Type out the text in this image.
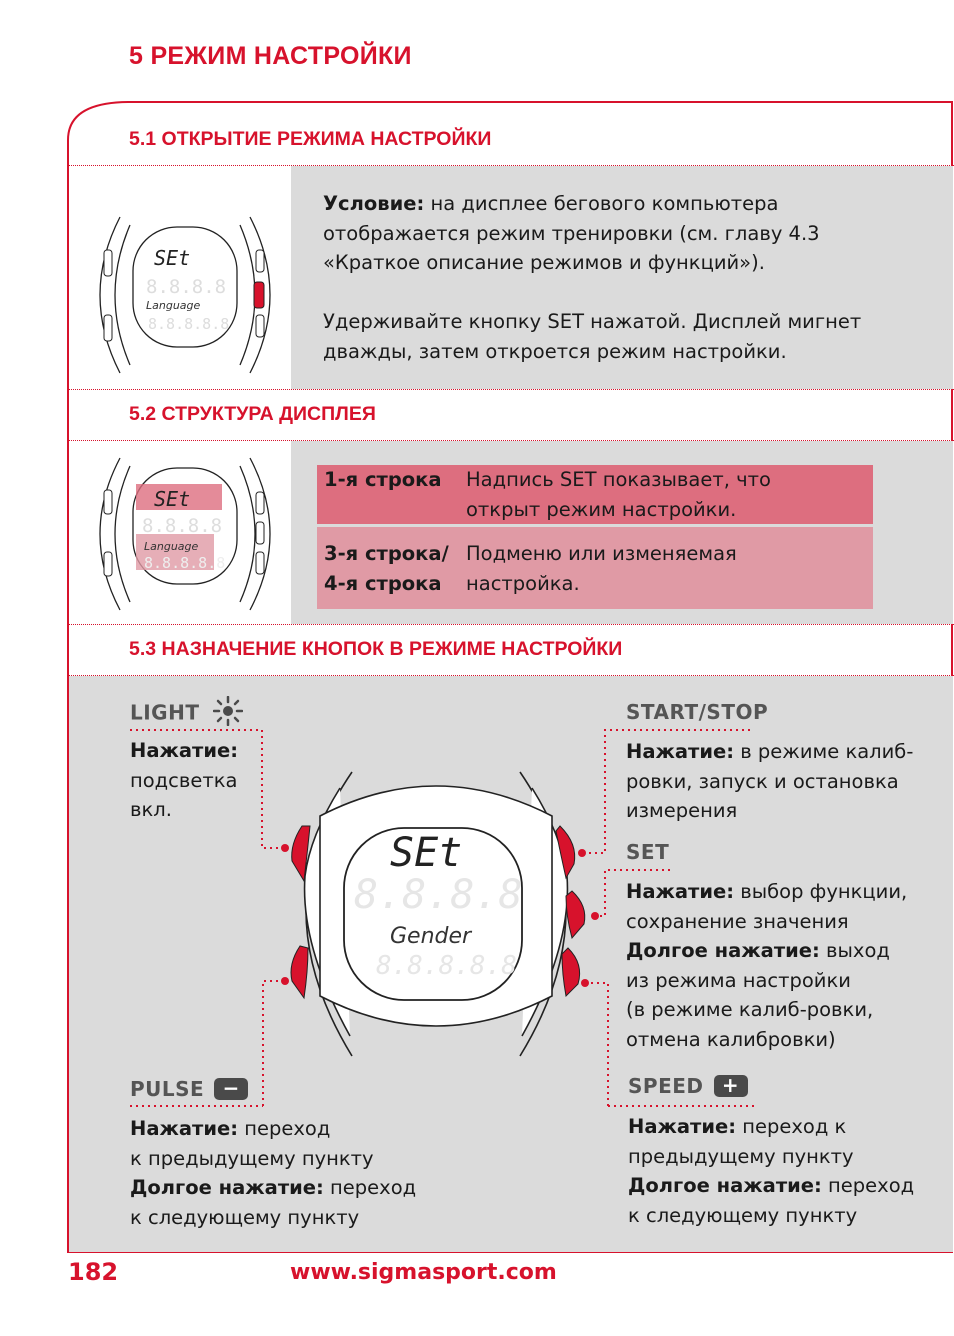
5 РЕЖИМ НАСТРОЙКИ
5.1 ОТКРЫТИЕ РЕЖИМА НАСТРОЙКИ
SEt
8.8.8.8
Language
8.8.8.8.8
Условие: на дисплее бегового компьютера
отображается режим тренировки (см. главу 4.3
«Краткое описание режимов и функций»).
Удерживайте кнопку SET нажатой. Дисплей мигнет
дважды, затем откроется режим настройки.
5.2 СТРУКТУРА ДИСПЛЕЯ
SEt
8.8.8.8
Language
8.8.8.8.8
1-я строка Надпись SET показывает, что
открыт режим настройки.
3-я строка/
4-я строка
Подменю или изменяемая
настройка.
5.3 НАЗНАЧЕНИЕ КНОПОК В РЕЖИМЕ НАСТРОЙКИ
SEt
8.8.8.8
Gender
8.8.8.8.8
LIGHT
Нажатие:
подсветка
вкл.
START/STOP
Нажатие: в режиме калиб-
ровки, запуск и остановка
измерения
SET
Нажатие: выбор функции,
сохранение значения
Долгое нажатие: выход
из режима настройки
(в режиме калиб-ровки,
отмена калибровки)
PULSE −
Нажатие: переход
к предыдущему пункту
Долгое нажатие: переход
к следующему пункту
SPEED +
Нажатие: переход к
предыдущему пункту
Долгое нажатие: переход
к следующему пункту
182	www.sigmasport.com
